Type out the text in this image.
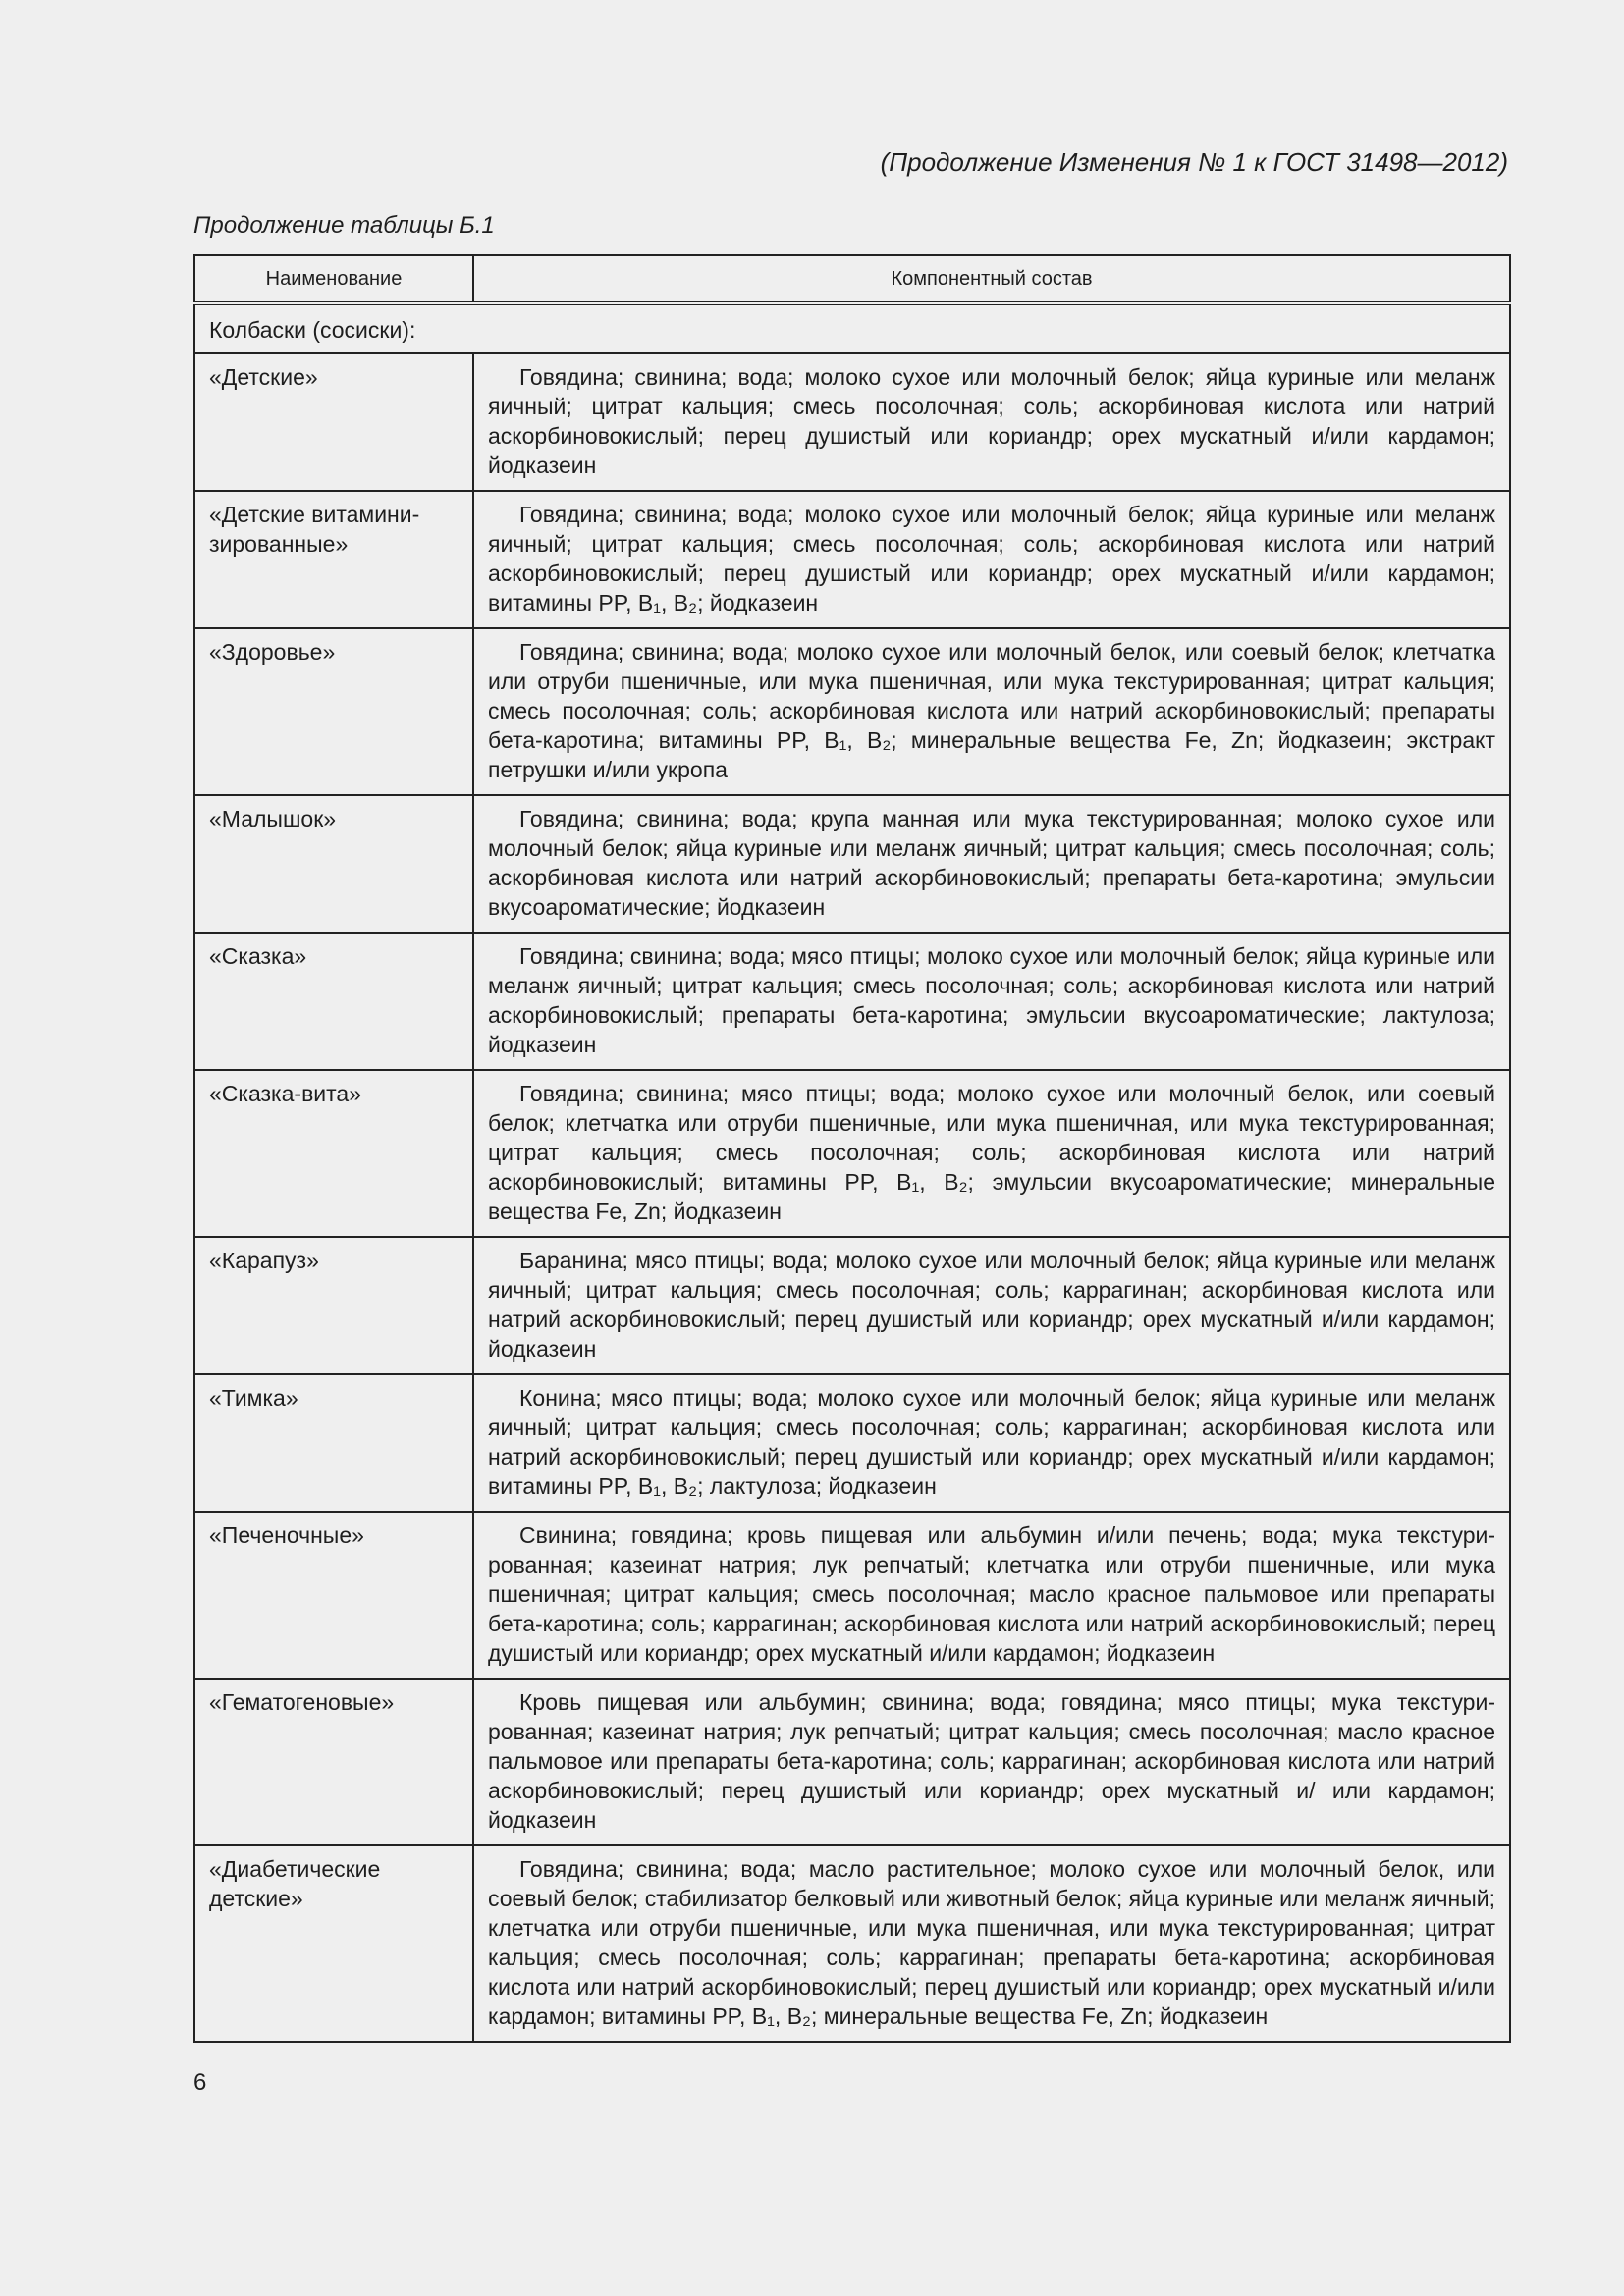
(Продолжение Изменения № 1 к ГОСТ 31498—2012)
Продолжение таблицы Б.1
Наименование	Компонентный состав
Колбаски (сосиски):	
«Детские»	Говядина; свинина; вода; молоко сухое или молочный белок; яйца куриные или меланж яичный; цитрат кальция; смесь посолочная; соль; аскорбиновая кислота или натрий аскорбиновокислый; перец душистый или кориандр; орех мускатный и/или кардамон; йодказеин
«Детские витаминизированные»	Говядина; свинина; вода; молоко сухое или молочный белок; яйца куриные или меланж яичный; цитрат кальция; смесь посолочная; соль; аскорбиновая кислота или натрий аскорбиновокислый; перец душистый или кориандр; орех мускатный и/или кардамон; витамины PP, B₁, B₂; йодказеин
«Здоровье»	Говядина; свинина; вода; молоко сухое или молочный белок, или соевый белок; клетчатка или отруби пшеничные, или мука пшеничная, или мука текстурированная; цитрат кальция; смесь посолочная; соль; аскорбиновая кислота или натрий аскорбиновокислый; препараты бета-каротина; витамины PP, B₁, B₂; минеральные вещества Fe, Zn; йодказеин; экстракт петрушки и/или укропа
«Малышок»	Говядина; свинина; вода; крупа манная или мука текстурированная; молоко сухое или молочный белок; яйца куриные или меланж яичный; цитрат кальция; смесь посолочная; соль; аскорбиновая кислота или натрий аскорбиновокислый; препараты бета-каротина; эмульсии вкусоароматические; йодказеин
«Сказка»	Говядина; свинина; вода; мясо птицы; молоко сухое или молочный белок; яйца куриные или меланж яичный; цитрат кальция; смесь посолочная; соль; аскорбиновая кислота или натрий аскорбиновокислый; препараты бета-каротина; эмульсии вкусоароматические; лактулоза; йодказеин
«Сказка-вита»	Говядина; свинина; мясо птицы; вода; молоко сухое или молочный белок, или соевый белок; клетчатка или отруби пшеничные, или мука пшеничная, или мука текстурированная; цитрат кальция; смесь посолочная; соль; аскорбиновая кислота или натрий аскорбиновокислый; витамины PP, B₁, B₂; эмульсии вкусоароматические; минеральные вещества Fe, Zn; йодказеин
«Карапуз»	Баранина; мясо птицы; вода; молоко сухое или молочный белок; яйца куриные или меланж яичный; цитрат кальция; смесь посолочная; соль; каррагинан; аскорбиновая кислота или натрий аскорбиновокислый; перец душистый или кориандр; орех мускатный и/или кардамон; йодказеин
«Тимка»	Конина; мясо птицы; вода; молоко сухое или молочный белок; яйца куриные или меланж яичный; цитрат кальция; смесь посолочная; соль; каррагинан; аскорбиновая кислота или натрий аскорбиновокислый; перец душистый или кориандр; орех мускатный и/или кардамон; витамины PP, B₁, B₂; лактулоза; йодказеин
«Печеночные»	Свинина; говядина; кровь пищевая или альбумин и/или печень; вода; мука текстурированная; казеинат натрия; лук репчатый; клетчатка или отруби пшеничные, или мука пшеничная; цитрат кальция; смесь посолочная; масло красное пальмовое или препараты бета-каротина; соль; каррагинан; аскорбиновая кислота или натрий аскорбиновокислый; перец душистый или кориандр; орех мускатный и/или кардамон; йодказеин
«Гематогеновые»	Кровь пищевая или альбумин; свинина; вода; говядина; мясо птицы; мука текстурированная; казеинат натрия; лук репчатый; цитрат кальция; смесь посолочная; масло красное пальмовое или препараты бета-каротина; соль; каррагинан; аскорбиновая кислота или натрий аскорбиновокислый; перец душистый или кориандр; орех мускатный и/ или кардамон; йодказеин
«Диабетические детские»	Говядина; свинина; вода; масло растительное; молоко сухое или молочный белок, или соевый белок; стабилизатор белковый или животный белок; яйца куриные или меланж яичный; клетчатка или отруби пшеничные, или мука пшеничная, или мука текстурированная; цитрат кальция; смесь посолочная; соль; каррагинан; препараты бета-каротина; аскорбиновая кислота или натрий аскорбиновокислый; перец душистый или кориандр; орех мускатный и/или кардамон; витамины PP, B₁, B₂; минеральные вещества Fe, Zn; йодказеин
6
